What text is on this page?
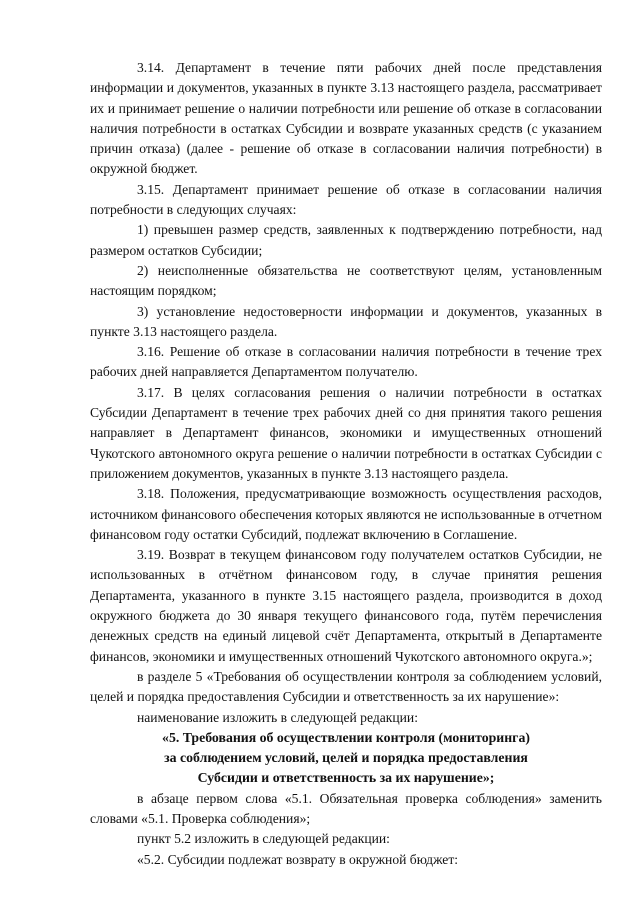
3.14. Департамент в течение пяти рабочих дней после представления информации и документов, указанных в пункте 3.13 настоящего раздела, рассматривает их и принимает решение о наличии потребности или решение об отказе в согласовании наличия потребности в остатках Субсидии и возврате указанных средств (с указанием причин отказа) (далее - решение об отказе в согласовании наличия потребности) в окружной бюджет.

3.15. Департамент принимает решение об отказе в согласовании наличия потребности в следующих случаях:

1) превышен размер средств, заявленных к подтверждению потребности, над размером остатков Субсидии;

2) неисполненные обязательства не соответствуют целям, установленным настоящим порядком;

3) установление недостоверности информации и документов, указанных в пункте 3.13 настоящего раздела.

3.16. Решение об отказе в согласовании наличия потребности в течение трех рабочих дней направляется Департаментом получателю.

3.17. В целях согласования решения о наличии потребности в остатках Субсидии Департамент в течение трех рабочих дней со дня принятия такого решения направляет в Департамент финансов, экономики и имущественных отношений Чукотского автономного округа решение о наличии потребности в остатках Субсидии с приложением документов, указанных в пункте 3.13 настоящего раздела.

3.18. Положения, предусматривающие возможность осуществления расходов, источником финансового обеспечения которых являются не использованные в отчетном финансовом году остатки Субсидий, подлежат включению в Соглашение.

3.19. Возврат в текущем финансовом году получателем остатков Субсидии, не использованных в отчётном финансовом году, в случае принятия решения Департамента, указанного в пункте 3.15 настоящего раздела, производится в доход окружного бюджета до 30 января текущего финансового года, путём перечисления денежных средств на единый лицевой счёт Департамента, открытый в Департаменте финансов, экономики и имущественных отношений Чукотского автономного округа.»;

в разделе 5 «Требования об осуществлении контроля за соблюдением условий, целей и порядка предоставления Субсидии и ответственность за их нарушение»:

наименование изложить в следующей редакции:

«5. Требования об осуществлении контроля (мониторинга)

за соблюдением условий, целей и порядка предоставления

Субсидии и ответственность за их нарушение»;

в абзаце первом слова «5.1. Обязательная проверка соблюдения» заменить словами «5.1. Проверка соблюдения»;

пункт 5.2 изложить в следующей редакции:

«5.2. Субсидии подлежат возврату в окружной бюджет:
